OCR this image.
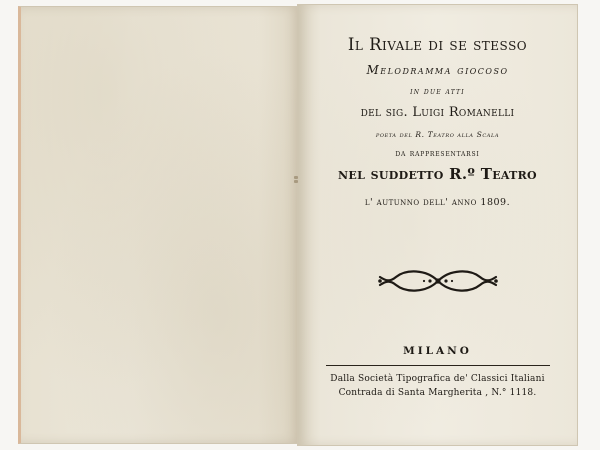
Il Rivale di se stesso
Melodramma giocoso
in due atti
del sig. Luigi Romanelli
poeta del R. Teatro alla Scala
da rappresentarsi
nel suddetto R.º Teatro
l' autunno dell' anno 1809.
MILANO
Dalla Società Tipografica de' Classici Italiani
Contrada di Santa Margherita , N.° 1118.
